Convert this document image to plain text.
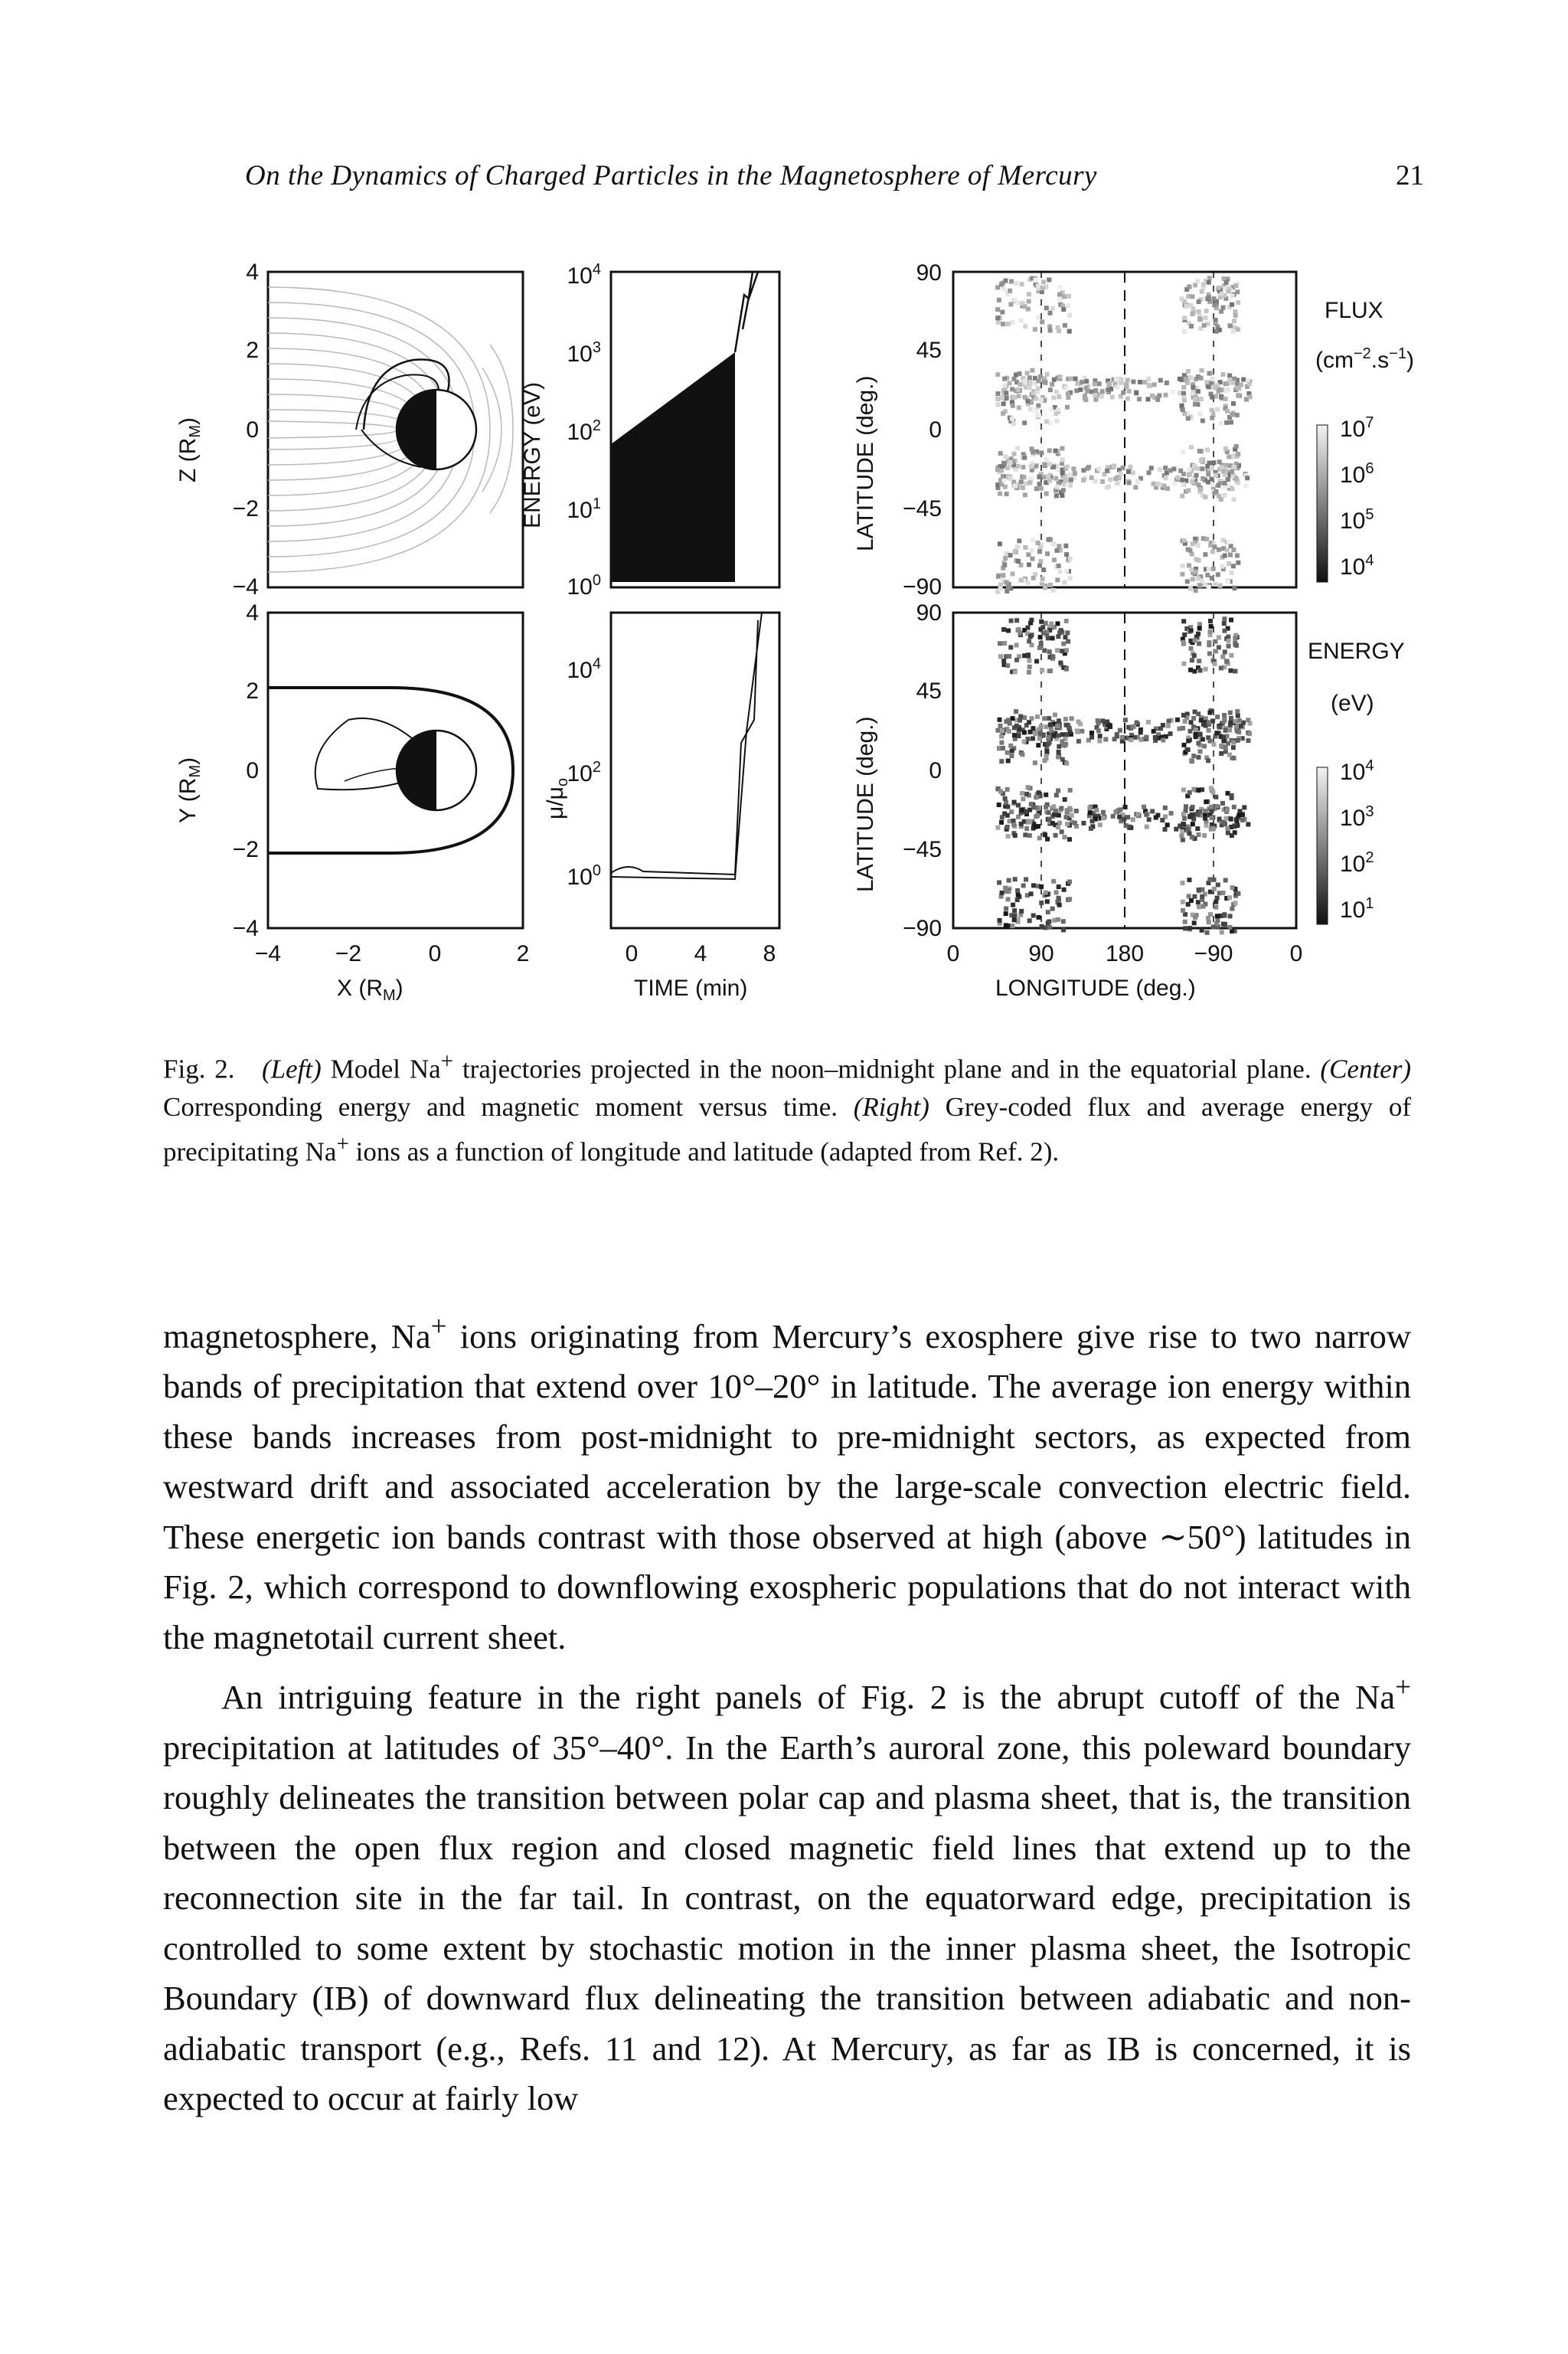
On the Dynamics of Charged Particles in the Magnetosphere of Mercury	21
4
2
0
−2
−4
Z $(R_M)$
4
2
0
−2
−4
−4 −2	0	2
X $(R_M)$
Y $(R_M)$
$10^4$
$10^3$
$10^2$
$10^1$
$10^0$
ENERGY (eV)
$10^4$
$10^2$
$10^0$
0 4 8
TIME (min)
$\mu/\mu_o$
90
45
0
−45
−90
LATITUDE (deg.)
FLUX
$(cm^{-2}.s^{-1})$
$10^7$
$10^6$
$10^5$
$10^4$
90
45
0
−45
−90
0	90 180 −90 0
LONGITUDE (deg.)
LATITUDE (deg.)
ENERGY
(eV)
$10^4$
$10^3$
$10^2$
$10^1$
Fig. 2. (Left) Model Na+ trajectories projected in the noon–midnight plane and in the equatorial plane. (Center) Corresponding energy and magnetic moment versus time. (Right) Grey-coded flux and average energy of precipitating Na+ ions as a function of longitude and latitude (adapted from Ref. 2).

magnetosphere, Na+ ions originating from Mercury’s exosphere give rise to two narrow bands of precipitation that extend over 10°–20° in latitude. The average ion energy within these bands increases from post-midnight to pre-midnight sectors, as expected from westward drift and associated acceleration by the large-scale convection electric field. These energetic ion bands contrast with those observed at high (above ∼50°) latitudes in Fig. 2, which correspond to downflowing exospheric populations that do not interact with the magnetotail current sheet.

An intriguing feature in the right panels of Fig. 2 is the abrupt cutoff of the Na+ precipitation at latitudes of 35°–40°. In the Earth’s auroral zone, this poleward boundary roughly delineates the transition between polar cap and plasma sheet, that is, the transition between the open flux region and closed magnetic field lines that extend up to the reconnection site in the far tail. In contrast, on the equatorward edge, precipitation is controlled to some extent by stochastic motion in the inner plasma sheet, the Isotropic Boundary (IB) of downward flux delineating the transition between adiabatic and non-adiabatic transport (e.g., Refs. 11 and 12). At Mercury, as far as IB is concerned, it is expected to occur at fairly low
